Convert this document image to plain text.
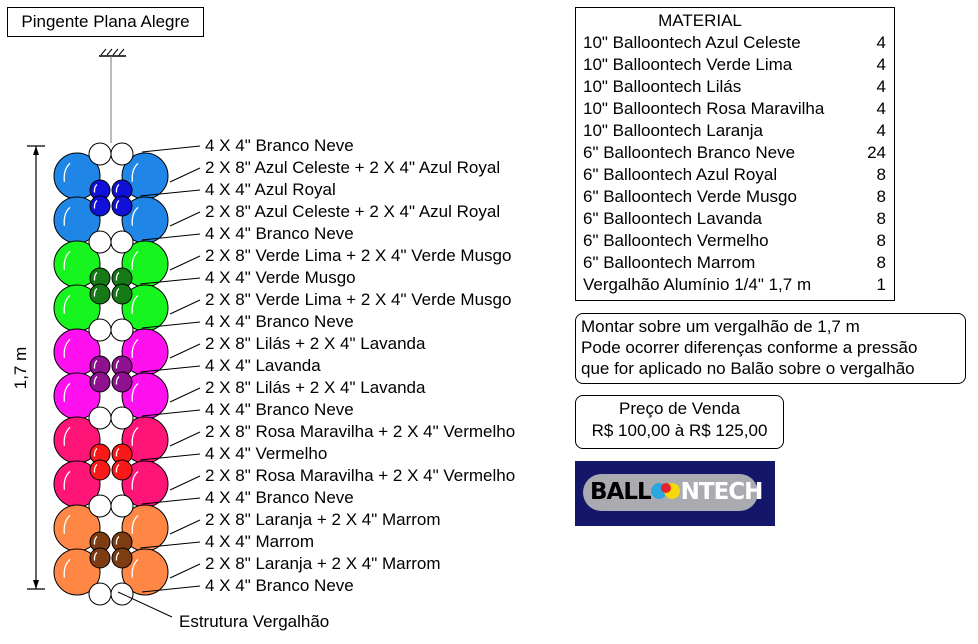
Pingente Plana Alegre
1,7 m
Estrutura Vergalhão
4 X 4" Branco Neve
2 X 8" Azul Celeste + 2 X 4" Azul Royal
4 X 4" Azul Royal
2 X 8" Azul Celeste + 2 X 4" Azul Royal
4 X 4" Branco Neve
2 X 8" Verde Lima + 2 X 4" Verde Musgo
4 X 4" Verde Musgo
2 X 8" Verde Lima + 2 X 4" Verde Musgo
4 X 4" Branco Neve
2 X 8" Lilás + 2 X 4" Lavanda
4 X 4" Lavanda
2 X 8" Lilás + 2 X 4" Lavanda
4 X 4" Branco Neve
2 X 8" Rosa Maravilha + 2 X 4" Vermelho
4 X 4" Vermelho
2 X 8" Rosa Maravilha + 2 X 4" Vermelho
4 X 4" Branco Neve
2 X 8" Laranja + 2 X 4" Marrom
4 X 4" Marrom
2 X 8" Laranja + 2 X 4" Marrom
4 X 4" Branco Neve
MATERIAL
10" Balloontech Azul Celeste	4
10" Balloontech Verde Lima	4
10" Balloontech Lilás	4
10" Balloontech Rosa Maravilha	4
10" Balloontech Laranja	4
6" Balloontech Branco Neve	24
6" Balloontech Azul Royal	8
6" Balloontech Verde Musgo	8
6" Balloontech Lavanda	8
6" Balloontech Vermelho	8
6" Balloontech Marrom	8
Vergalhão Alumínio 1/4" 1,7 m	1
Montar sobre um vergalhão de 1,7 m
Pode ocorrer diferenças conforme a pressão
que for aplicado no Balão sobre o vergalhão
Preço de Venda
R$ 100,00 à R$ 125,00
BALL NTECH
